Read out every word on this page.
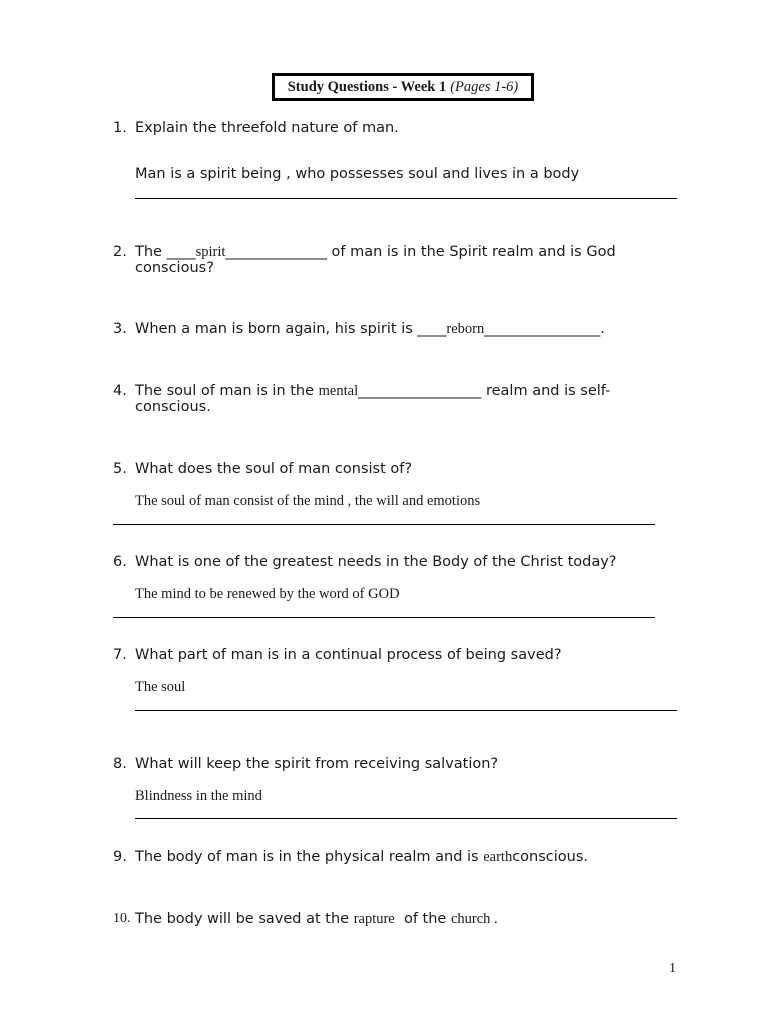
Study Questions - Week 1 (Pages 1-6)
1. Explain the threefold nature of man.
Man is a spirit being , who possesses soul and lives in a body
2. The ____spirit______________ of man is in the Spirit realm and is God conscious?
3. When a man is born again, his spirit is ____reborn________________.
4. The soul of man is in the mental_________________ realm and is self-conscious.
5. What does the soul of man consist of?
The soul of man consist of the mind , the will and emotions
6. What is one of the greatest needs in the Body of the Christ today?
The mind to be renewed by the word of GOD
7. What part of man is in a continual process of being saved?
The soul
8. What will keep the spirit from receiving salvation?
Blindness in the mind
9. The body of man is in the physical realm and is earthconscious.
10. The body will be saved at the rapture  of the church .
1
